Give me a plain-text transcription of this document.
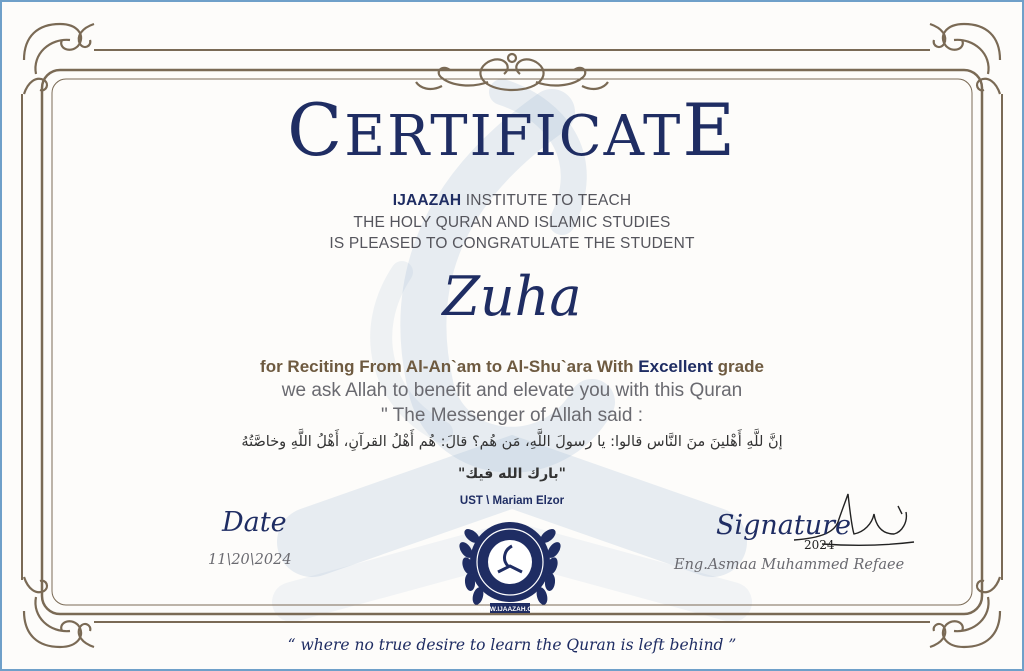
CERTIFICATE
IJAAZAH INSTITUTE TO TEACH
THE HOLY QURAN AND ISLAMIC STUDIES
IS PLEASED TO CONGRATULATE THE STUDENT
Zuha
for Reciting From Al-An`am to Al-Shu`ara With Excellent grade
we ask Allah to benefit and elevate you with this Quran
" The Messenger of Allah said :
إنَّ للَّهِ أَهْلينَ منَ النَّاس قالوا: يا رسولَ اللَّهِ، مَن هُم؟ قالَ: هُم أَهْلُ القرآنِ، أَهْلُ اللَّهِ وخاصَّتُهُ
"بارك الله فيك"
UST \ Mariam Elzor
Date
11\20\2024
Signature
2024
Eng.Asmaa Muhammed Refaee
WWW.IJAAZAH.COM
“ where no true desire to learn the Quran is left behind ”
